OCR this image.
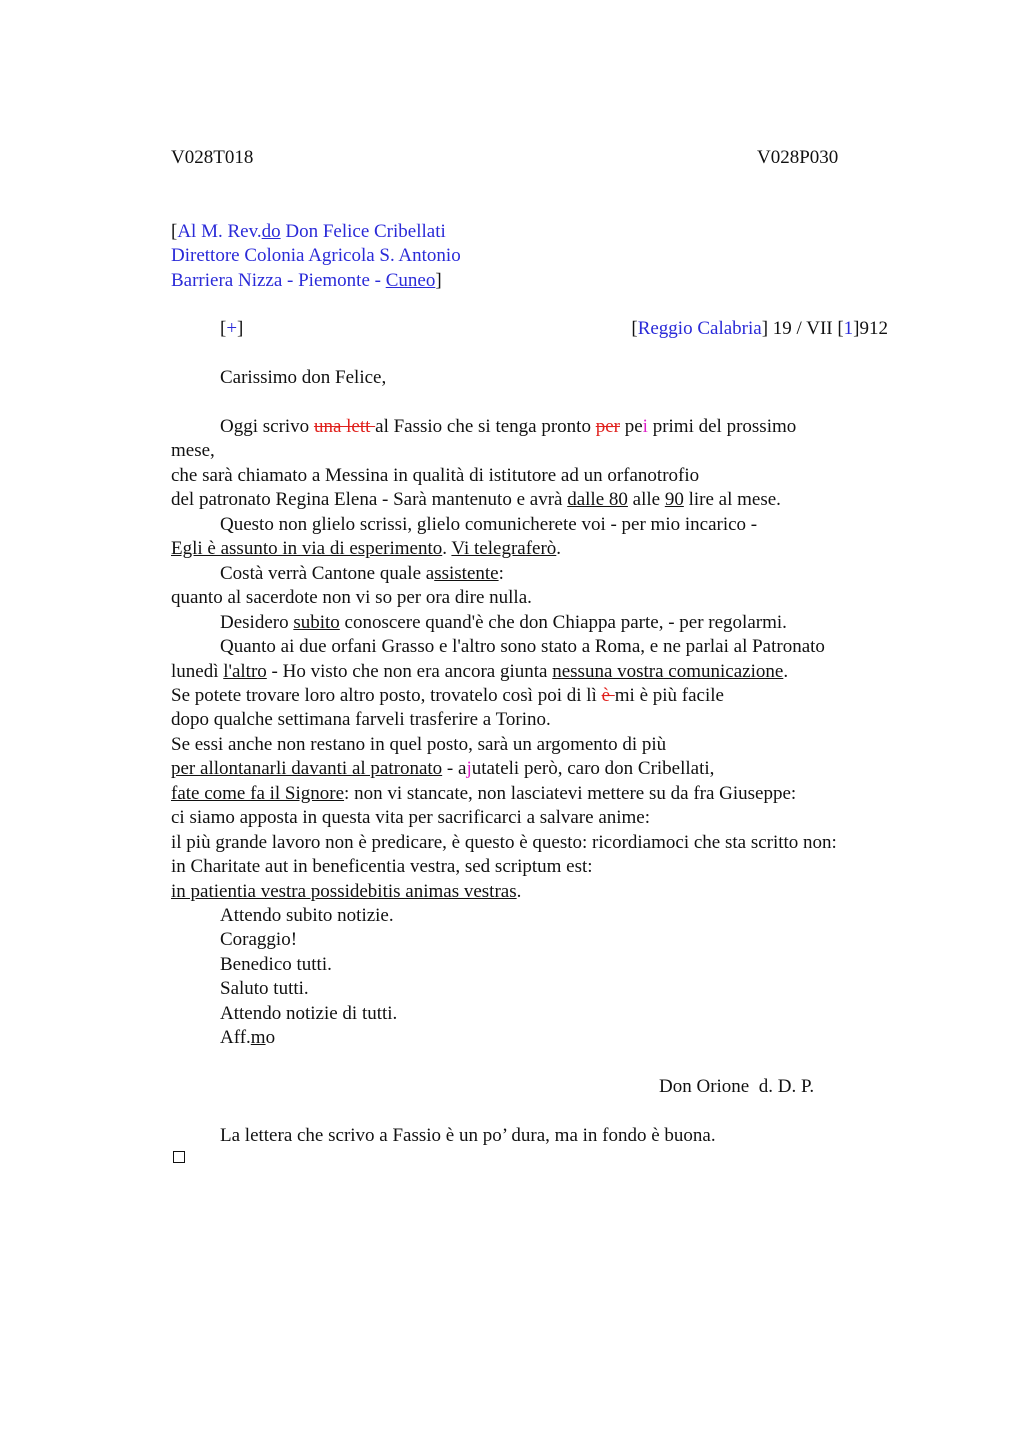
V028T018	V028P030
[Al M. Rev.do Don Felice Cribellati
Direttore Colonia Agricola S. Antonio
Barriera Nizza - Piemonte - Cuneo]
[+]	[Reggio Calabria] 19 / VII [1]912
Carissimo don Felice,
Oggi scrivo una lett al Fassio che si tenga pronto per pei primi del prossimo
mese,
che sarà chiamato a Messina in qualità di istitutore ad un orfanotrofio
del patronato Regina Elena - Sarà mantenuto e avrà dalle 80 alle 90 lire al mese.
Questo non glielo scrissi, glielo comunicherete voi - per mio incarico -
Egli è assunto in via di esperimento. Vi telegraferò.
Costà verrà Cantone quale assistente:
quanto al sacerdote non vi so per ora dire nulla.
Desidero subito conoscere quand'è che don Chiappa parte, - per regolarmi.
Quanto ai due orfani Grasso e l'altro sono stato a Roma, e ne parlai al Patronato
lunedì l'altro - Ho visto che non era ancora giunta nessuna vostra comunicazione.
Se potete trovare loro altro posto, trovatelo così poi di lì è mi è più facile
dopo qualche settimana farveli trasferire a Torino.
Se essi anche non restano in quel posto, sarà un argomento di più
per allontanarli davanti al patronato - ajutateli però, caro don Cribellati,
fate come fa il Signore: non vi stancate, non lasciatevi mettere su da fra Giuseppe:
ci siamo apposta in questa vita per sacrificarci a salvare anime:
il più grande lavoro non è predicare, è questo è questo: ricordiamoci che sta scritto non:
in Charitate aut in beneficentia vestra, sed scriptum est:
in patientia vestra possidebitis animas vestras.
Attendo subito notizie.
Coraggio!
Benedico tutti.
Saluto tutti.
Attendo notizie di tutti.
Aff.mo
Don Orione  d. D. P.
La lettera che scrivo a Fassio è un po’ dura, ma in fondo è buona.
